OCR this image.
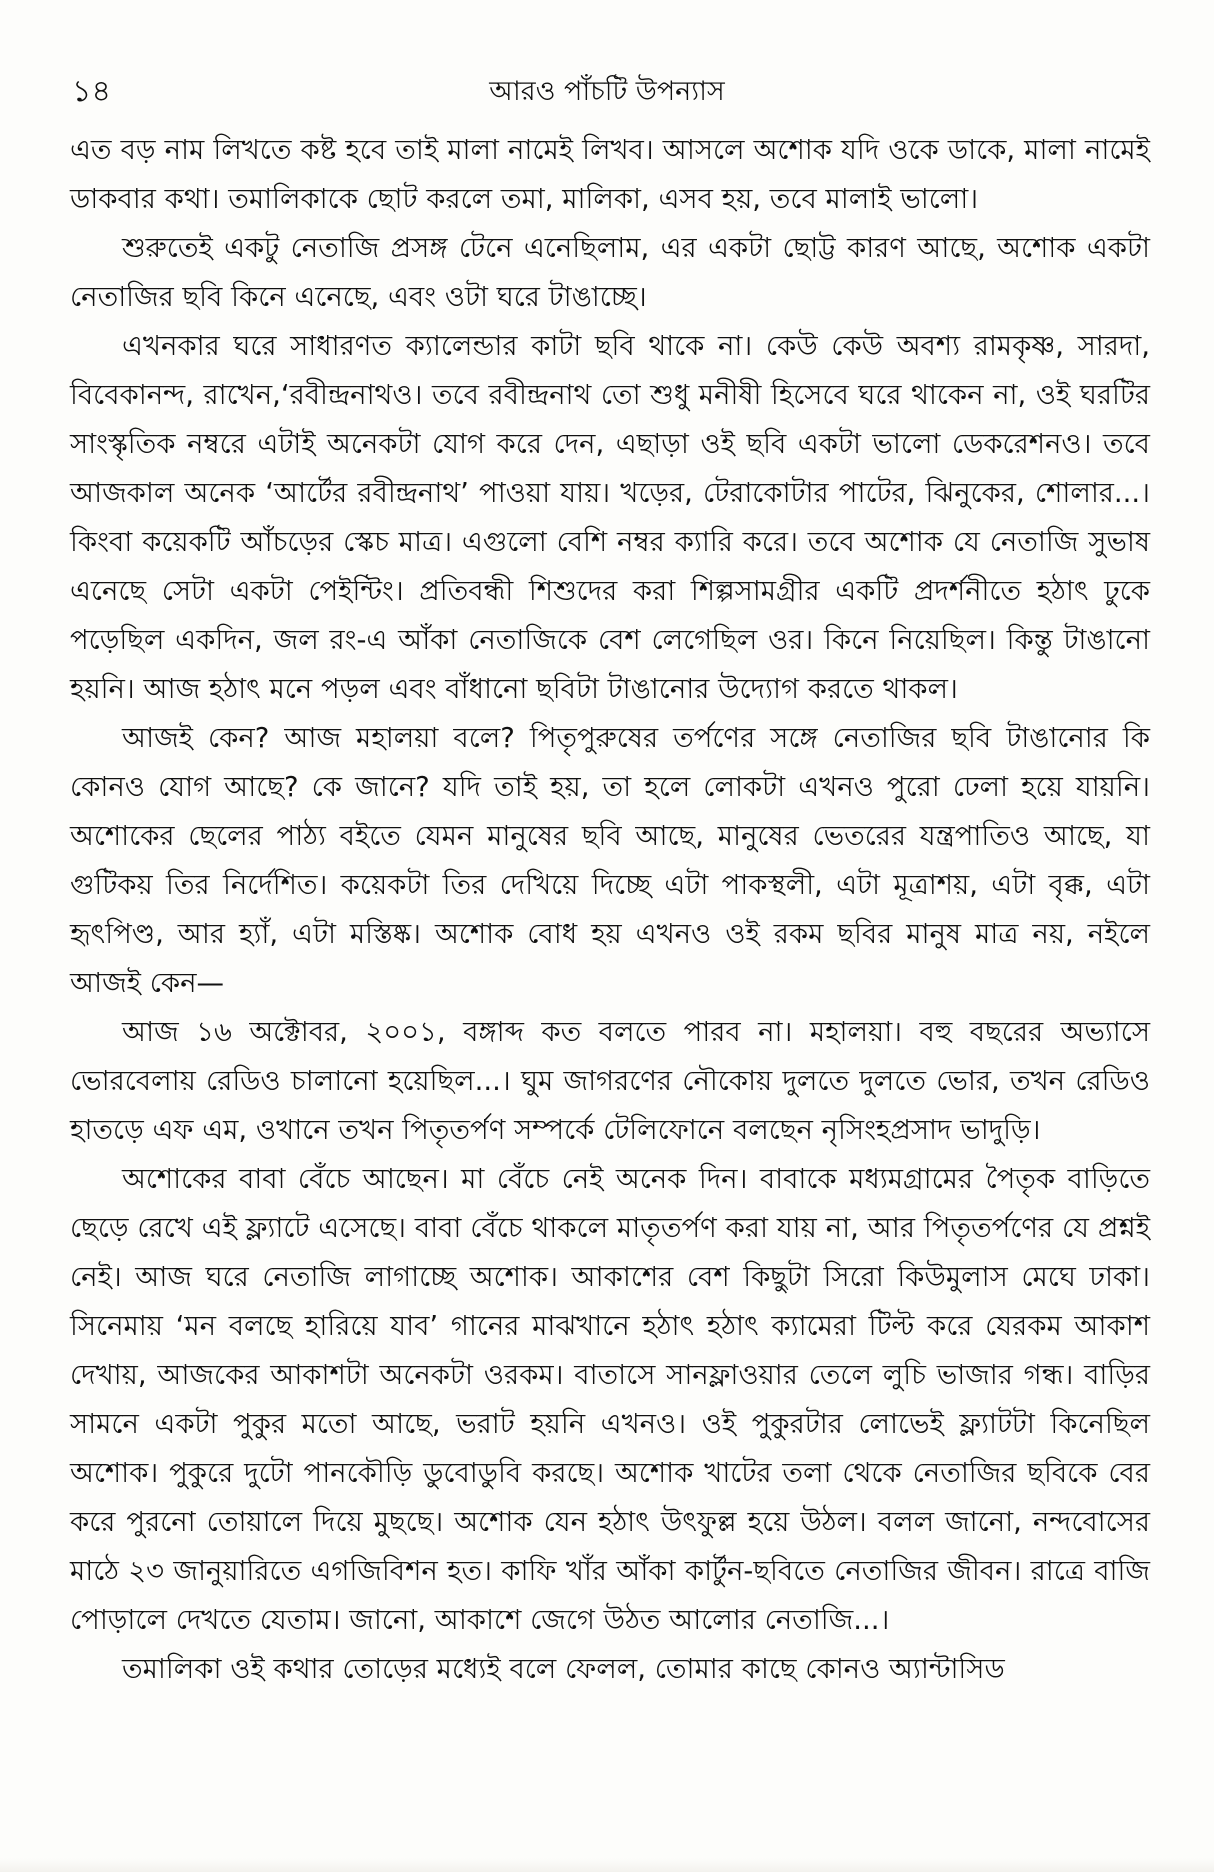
১৪	আরও পাঁচটি উপন্যাস

এত বড় নাম লিখতে কষ্ট হবে তাই মালা নামেই লিখব। আসলে অশোক যদি ওকে ডাকে, মালা নামেই ডাকবার কথা। তমালিকাকে ছোট করলে তমা, মালিকা, এসব হয়, তবে মালাই ভালো।

শুরুতেই একটু নেতাজি প্রসঙ্গ টেনে এনেছিলাম, এর একটা ছোট্ট কারণ আছে, অশোক একটা নেতাজির ছবি কিনে এনেছে, এবং ওটা ঘরে টাঙাচ্ছে।

এখনকার ঘরে সাধারণত ক্যালেন্ডার কাটা ছবি থাকে না। কেউ কেউ অবশ্য রামকৃষ্ণ, সারদা, বিবেকানন্দ, রাখেন,‘রবীন্দ্রনাথও। তবে রবীন্দ্রনাথ তো শুধু মনীষী হিসেবে ঘরে থাকেন না, ওই ঘরটির সাংস্কৃতিক নম্বরে এটাই অনেকটা যোগ করে দেন, এছাড়া ওই ছবি একটা ভালো ডেকরেশনও। তবে আজকাল অনেক ‘আর্টের রবীন্দ্রনাথ’ পাওয়া যায়। খড়ের, টেরাকোটার পাটের, ঝিনুকের, শোলার...। কিংবা কয়েকটি আঁচড়ের স্কেচ মাত্র। এগুলো বেশি নম্বর ক্যারি করে। তবে অশোক যে নেতাজি সুভাষ এনেছে সেটা একটা পেইন্টিং। প্রতিবন্ধী শিশুদের করা শিল্পসামগ্রীর একটি প্রদর্শনীতে হঠাৎ ঢুকে পড়েছিল একদিন, জল রং-এ আঁকা নেতাজিকে বেশ লেগেছিল ওর। কিনে নিয়েছিল। কিন্তু টাঙানো হয়নি। আজ হঠাৎ মনে পড়ল এবং বাঁধানো ছবিটা টাঙানোর উদ্যোগ করতে থাকল।

আজই কেন? আজ মহালয়া বলে? পিতৃপুরুষের তর্পণের সঙ্গে নেতাজির ছবি টাঙানোর কি কোনও যোগ আছে? কে জানে? যদি তাই হয়, তা হলে লোকটা এখনও পুরো ঢেলা হয়ে যায়নি। অশোকের ছেলের পাঠ্য বইতে যেমন মানুষের ছবি আছে, মানুষের ভেতরের যন্ত্রপাতিও আছে, যা গুটিকয় তির নির্দেশিত। কয়েকটা তির দেখিয়ে দিচ্ছে এটা পাকস্থলী, এটা মূত্রাশয়, এটা বৃক্ক, এটা হৃৎপিণ্ড, আর হ্যাঁ, এটা মস্তিষ্ক। অশোক বোধ হয় এখনও ওই রকম ছবির মানুষ মাত্র নয়, নইলে আজই কেন—

আজ ১৬ অক্টোবর, ২০০১, বঙ্গাব্দ কত বলতে পারব না। মহালয়া। বহু বছরের অভ্যাসে ভোরবেলায় রেডিও চালানো হয়েছিল...। ঘুম জাগরণের নৌকোয় দুলতে দুলতে ভোর, তখন রেডিও হাতড়ে এফ এম, ওখানে তখন পিতৃতর্পণ সম্পর্কে টেলিফোনে বলছেন নৃসিংহপ্রসাদ ভাদুড়ি।

অশোকের বাবা বেঁচে আছেন। মা বেঁচে নেই অনেক দিন। বাবাকে মধ্যমগ্রামের পৈতৃক বাড়িতে ছেড়ে রেখে এই ফ্ল্যাটে এসেছে। বাবা বেঁচে থাকলে মাতৃতর্পণ করা যায় না, আর পিতৃতর্পণের যে প্রশ্নই নেই। আজ ঘরে নেতাজি লাগাচ্ছে অশোক। আকাশের বেশ কিছুটা সিরো কিউমুলাস মেঘে ঢাকা। সিনেমায় ‘মন বলছে হারিয়ে যাব’ গানের মাঝখানে হঠাৎ হঠাৎ ক্যামেরা টিল্ট করে যেরকম আকাশ দেখায়, আজকের আকাশটা অনেকটা ওরকম। বাতাসে সানফ্লাওয়ার তেলে লুচি ভাজার গন্ধ। বাড়ির সামনে একটা পুকুর মতো আছে, ভরাট হয়নি এখনও। ওই পুকুরটার লোভেই ফ্ল্যাটটা কিনেছিল অশোক। পুকুরে দুটো পানকৌড়ি ডুবোডুবি করছে। অশোক খাটের তলা থেকে নেতাজির ছবিকে বের করে পুরনো তোয়ালে দিয়ে মুছছে। অশোক যেন হঠাৎ উৎফুল্ল হয়ে উঠল। বলল জানো, নন্দবোসের মাঠে ২৩ জানুয়ারিতে এগজিবিশন হত। কাফি খাঁর আঁকা কার্টুন-ছবিতে নেতাজির জীবন। রাত্রে বাজি পোড়ালে দেখতে যেতাম। জানো, আকাশে জেগে উঠত আলোর নেতাজি...।

তমালিকা ওই কথার তোড়ের মধ্যেই বলে ফেলল, তোমার কাছে কোনও অ্যান্টাসিড
